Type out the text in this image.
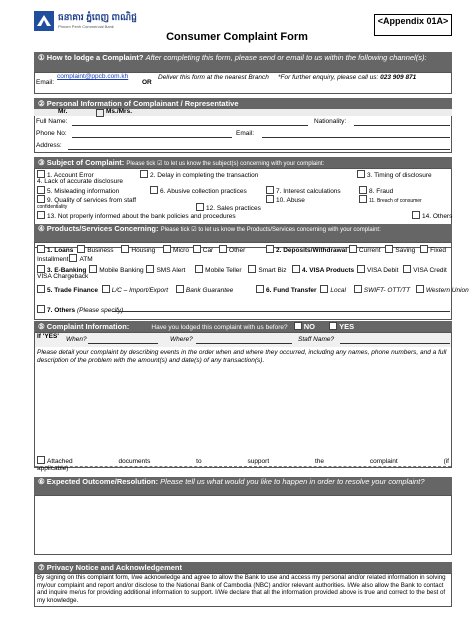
ធនាគារ ភ្នំពេញ ពាណិជ្ជ
Phnom Penh Commercial Bank
<Appendix 01A>
Consumer Complaint Form
① How to lodge a Complaint? After completing this form, please send or email to us within the following channel(s):
Email:
complaint@ppcb.com.kh
OR
Deliver this form at the nearest Branch	*For further enquiry, please call us: 023 909 871
② Personal Information of Complainant / Representative
Mr.	Ms./Mrs.
Full Name:	Nationality:
Phone No:	Email:
Address:
③ Subject of Complaint: Please tick ☑ to let us know the subject(s) concerning with your complaint:
1. Account Error	2. Delay in completing the transaction	3. Timing of disclosure
4. Lack of accurate disclosure
5. Misleading information	6. Abusive collection practices	7. Interest calculations	8. Fraud
9. Quality of services from staff	10. Abuse	11. Breach of consumer
confidentiality	12. Sales practices
13. Not properly informed about the bank policies and procedures	14. Others
④ Products/Services Concerning: Please tick ☑ to let us know the Products/Services concerning with your complaint:
1. Loans Business	Housing	Micro Car Other	2. Deposits/Withdrawal Current Saving Fixed
Installment ATM
3. E-Banking Mobile Banking SMS Alert	Mobile Teller	Smart Biz	4. VISA Products VISA Debit VISA Credit
VISA Chargeback
5. Trade Finance L/C – Import/Export	Bank Guarantee	6. Fund Transfer Local	SWIFT- OTT/TT Western Union
7. Others (Please specify)
⑤ Complaint Information:	Have you lodged this complaint with us before? NO	YES
If 'YES'	When?	Where?	Staff Name?
Please detail your complaint by describing events in the order when and where they occurred, including any names, phone numbers, and a full description of the problem with the amount(s) and date(s) of any transaction(s).
Attached documents to support the complaint (if applicable)
⑥ Expected Outcome/Resolution: Please tell us what would you like to happen in order to resolve your complaint?
⑦ Privacy Notice and Acknowledgement
By signing on this complaint form, I/we acknowledge and agree to allow the Bank to use and access my personal and/or related information in solving my/our complaint and report and/or disclose to the National Bank of Cambodia (NBC) and/or relevant authorities. I/We also allow the Bank to contact and inquire me/us for providing additional information to support. I/We declare that all the information provided above is true and correct to the best of my knowledge.
